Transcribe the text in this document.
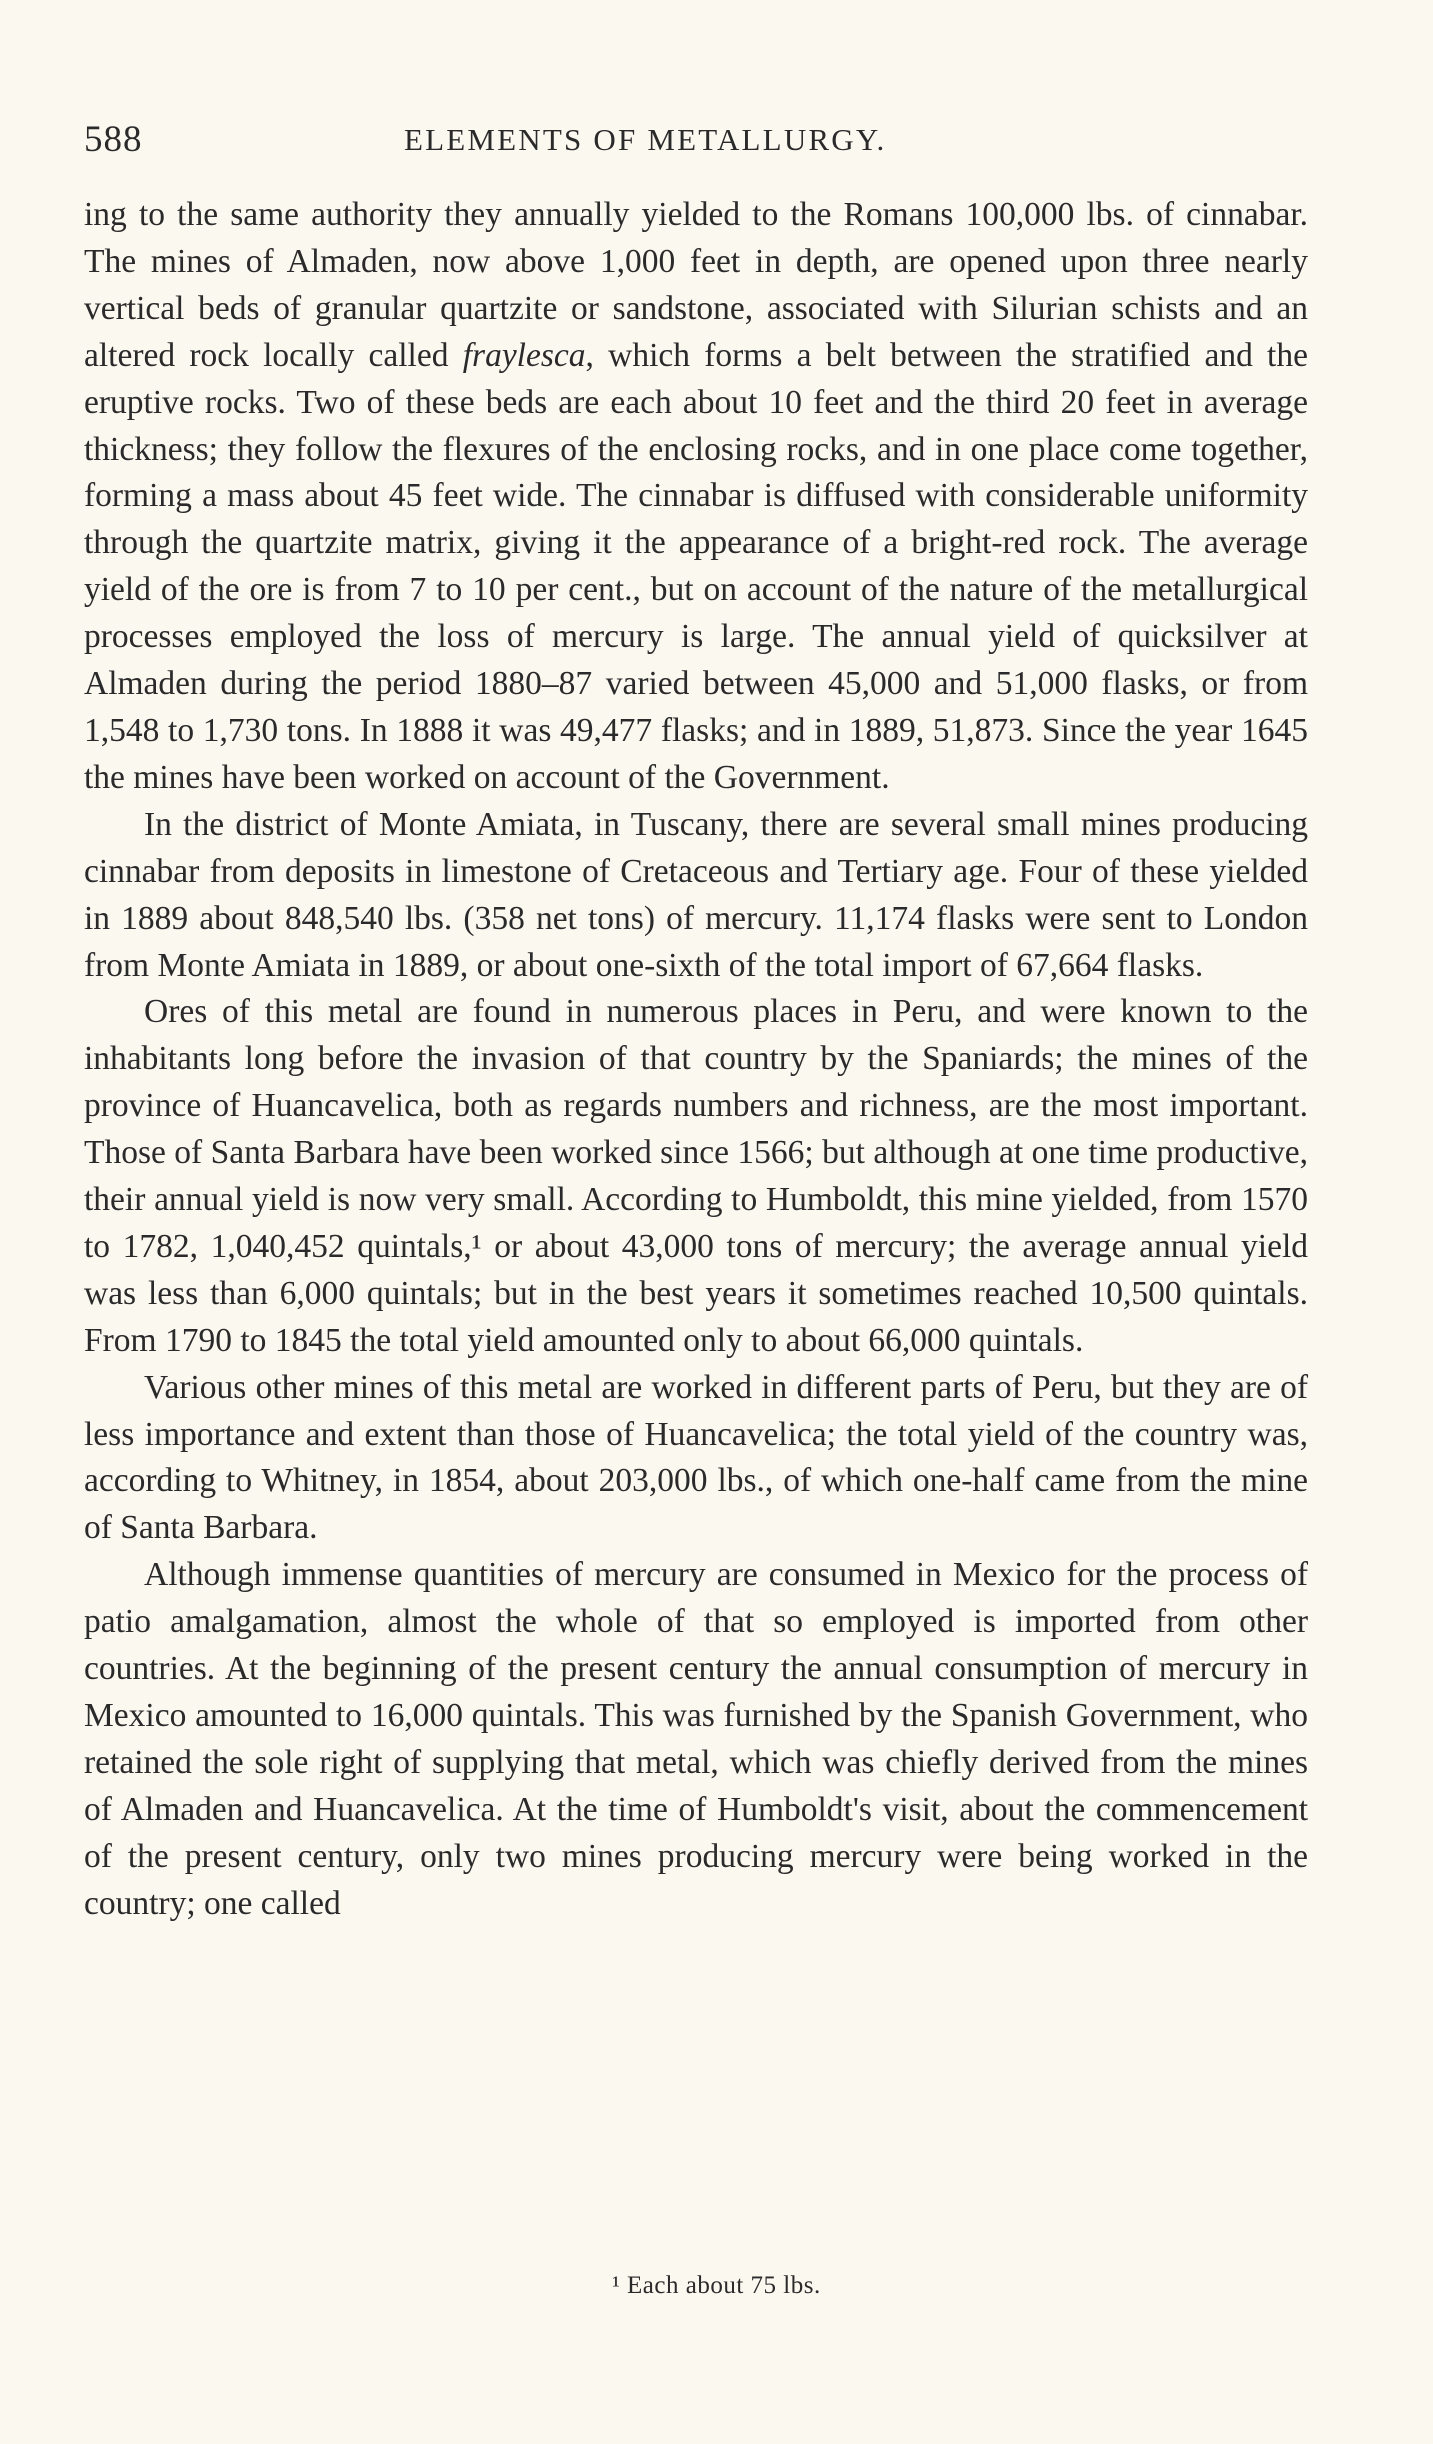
588	ELEMENTS OF METALLURGY.

ing to the same authority they annually yielded to the Romans 100,000 lbs. of cinnabar. The mines of Almaden, now above 1,000 feet in depth, are opened upon three nearly vertical beds of granular quartzite or sandstone, associated with Silurian schists and an altered rock locally called fraylesca, which forms a belt between the stratified and the eruptive rocks. Two of these beds are each about 10 feet and the third 20 feet in average thickness; they follow the flexures of the enclosing rocks, and in one place come together, forming a mass about 45 feet wide. The cinnabar is diffused with considerable uniformity through the quartzite matrix, giving it the appearance of a bright-red rock. The average yield of the ore is from 7 to 10 per cent., but on account of the nature of the metallurgical processes employed the loss of mercury is large. The annual yield of quicksilver at Almaden during the period 1880–87 varied between 45,000 and 51,000 flasks, or from 1,548 to 1,730 tons. In 1888 it was 49,477 flasks; and in 1889, 51,873. Since the year 1645 the mines have been worked on account of the Government.

In the district of Monte Amiata, in Tuscany, there are several small mines producing cinnabar from deposits in limestone of Cretaceous and Tertiary age. Four of these yielded in 1889 about 848,540 lbs. (358 net tons) of mercury. 11,174 flasks were sent to London from Monte Amiata in 1889, or about one-sixth of the total import of 67,664 flasks.

Ores of this metal are found in numerous places in Peru, and were known to the inhabitants long before the invasion of that country by the Spaniards; the mines of the province of Huancavelica, both as regards numbers and richness, are the most important. Those of Santa Barbara have been worked since 1566; but although at one time productive, their annual yield is now very small. According to Humboldt, this mine yielded, from 1570 to 1782, 1,040,452 quintals,¹ or about 43,000 tons of mercury; the average annual yield was less than 6,000 quintals; but in the best years it sometimes reached 10,500 quintals. From 1790 to 1845 the total yield amounted only to about 66,000 quintals.

Various other mines of this metal are worked in different parts of Peru, but they are of less importance and extent than those of Huancavelica; the total yield of the country was, according to Whitney, in 1854, about 203,000 lbs., of which one-half came from the mine of Santa Barbara.

Although immense quantities of mercury are consumed in Mexico for the process of patio amalgamation, almost the whole of that so employed is imported from other countries. At the beginning of the present century the annual consumption of mercury in Mexico amounted to 16,000 quintals. This was furnished by the Spanish Government, who retained the sole right of supplying that metal, which was chiefly derived from the mines of Almaden and Huancavelica. At the time of Humboldt's visit, about the commencement of the present century, only two mines producing mercury were being worked in the country; one called

¹ Each about 75 lbs.
